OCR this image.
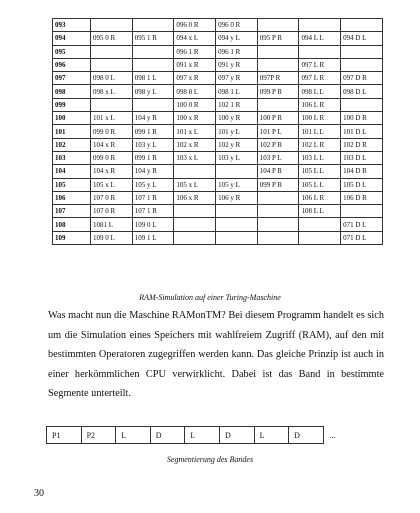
093			096 0 R	096 0 R			
094	095 0 R	095 1 R	094 x L	094 y L	095 P R	094 L L	094 D L
095			096 1 R	096 1 R			
096			091 x R	091 y R		097 L R	
097	098 0 L	098 1 L	097 x R	097 y R	097P R	097 L R	097 D R
098	098 x L	098 y L	098 0 L	098 1 L	099 P R	098 L L	098 D L
099			100 0 R	102 1 R		106 L R	
100	101 x L	104 y R	100 x R	100 y R	100 P R	100 L R	100 D R
101	099 0 R	099 1 R	101 x L	101 y L	101 P L	101 L L	101 D L
102	104 x R	103 y L	102 x R	102 y R	102 P R	102 L R	102 D R
103	099 0 R	099 1 R	103 x L	103 y L	103 P L	103 L L	103 D L
104	104 x R	104 y R			104 P R	105 L L	104 D R
105	105 x L	105 y L	105 x L	105 y L	099 P R	105 L L	105 D L
106	107 0 R	107 1 R	106 x R	106 y R		106 L R	106 D R
107	107 0 R	107 1 R				108 L L	
108	1081 L	109 0 L					071 D L
109	109 0 L	109 1 L					071 D L
RAM-Simulation auf einer Turing-Maschine

Was macht nun die Maschine RAMonTM? Bei diesem Programm handelt es sich um die Simulation eines Speichers mit wahlfreiem Zugriff (RAM), auf den mit bestimmten Operatoren zugegriffen werden kann. Das gleiche Prinzip ist auch in einer herkömmlichen CPU verwirklicht. Dabei ist das Band in bestimmte Segmente unterteilt.

P1	P2	L	D	L	D	L	D	...
Segmentierung des Bandes
30
